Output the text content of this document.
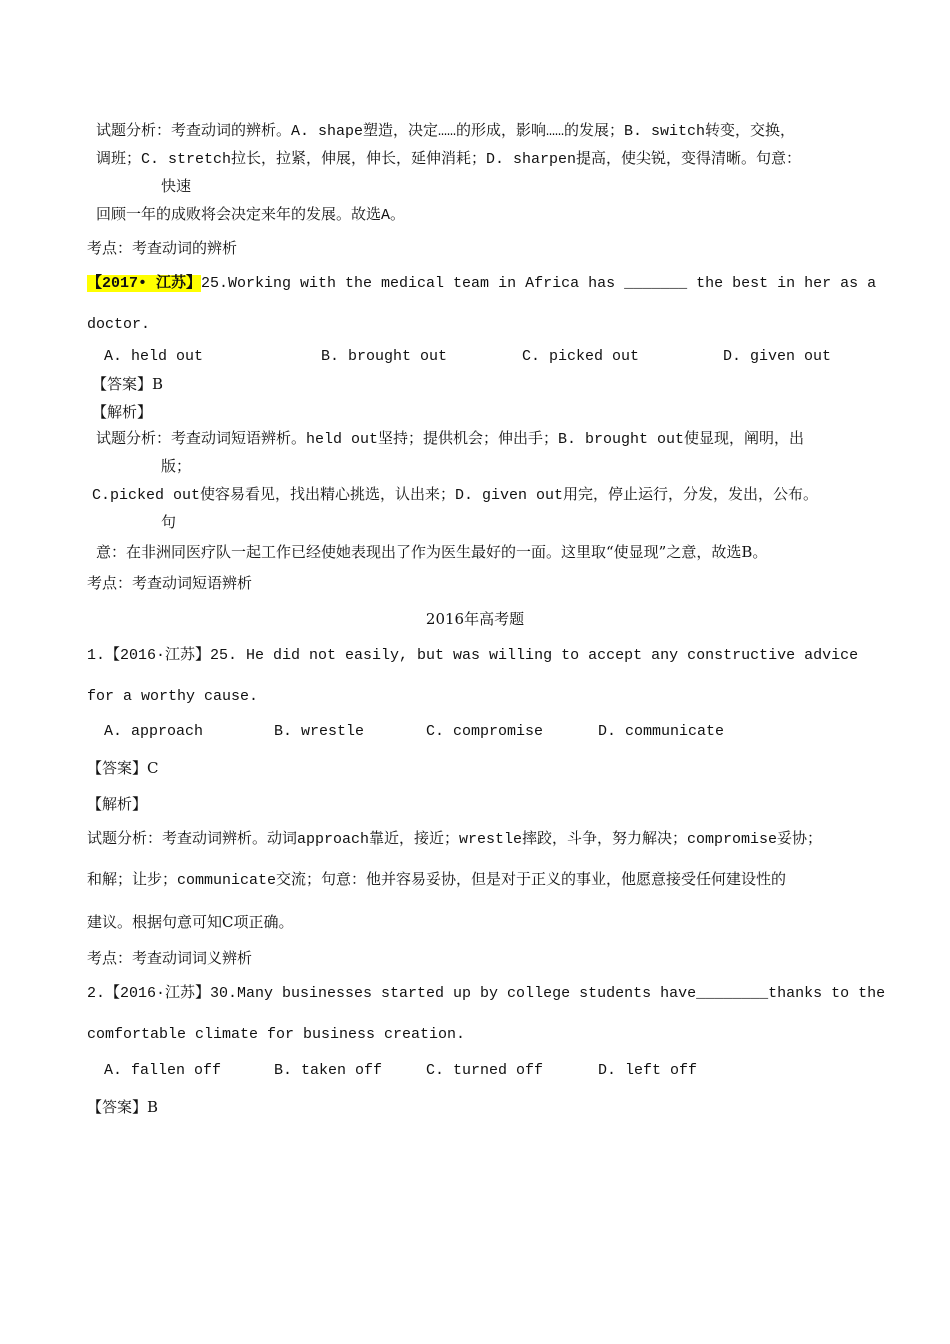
试题分析：考查动词的辨析。A. shape塑造，决定……的形成，影响……的发展；B. switch转变，交换，
调班；C. stretch拉长，拉紧，伸展，伸长，延伸消耗；D. sharpen提高，使尖锐，变得清晰。句意：
快速
回顾一年的成败将会决定来年的发展。故选A。
考点：考查动词的辨析
【2017• 江苏】25.Working with the medical team in Africa has _______ the best in her as a
doctor.
A. held out	B. brought out	C. picked out	D. given out
【答案】B
【解析】
试题分析：考查动词短语辨析。held out坚持；提供机会；伸出手；B. brought out使显现，阐明，出
版；
C.picked out使容易看见，找出精心挑选，认出来；D. given out用完，停止运行，分发，发出，公布。
句
意：在非洲同医疗队一起工作已经使她表现出了作为医生最好的一面。这里取“使显现”之意，故选B。
考点：考查动词短语辨析
2016年高考题
1.【2016·江苏】25. He did not easily, but was willing to accept any constructive advice
for a worthy cause.
A. approach	B. wrestle	C. compromise	D. communicate
【答案】C
【解析】
试题分析：考查动词辨析。动词approach靠近，接近；wrestle摔跤，斗争，努力解决；compromise妥协；
和解；让步；communicate交流；句意：他并容易妥协，但是对于正义的事业，他愿意接受任何建设性的
建议。根据句意可知C项正确。
考点：考查动词词义辨析
2.【2016·江苏】30.Many businesses started up by college students have________thanks to the
comfortable climate for business creation.
A. fallen off	B. taken off	C. turned off	D. left off
【答案】B
